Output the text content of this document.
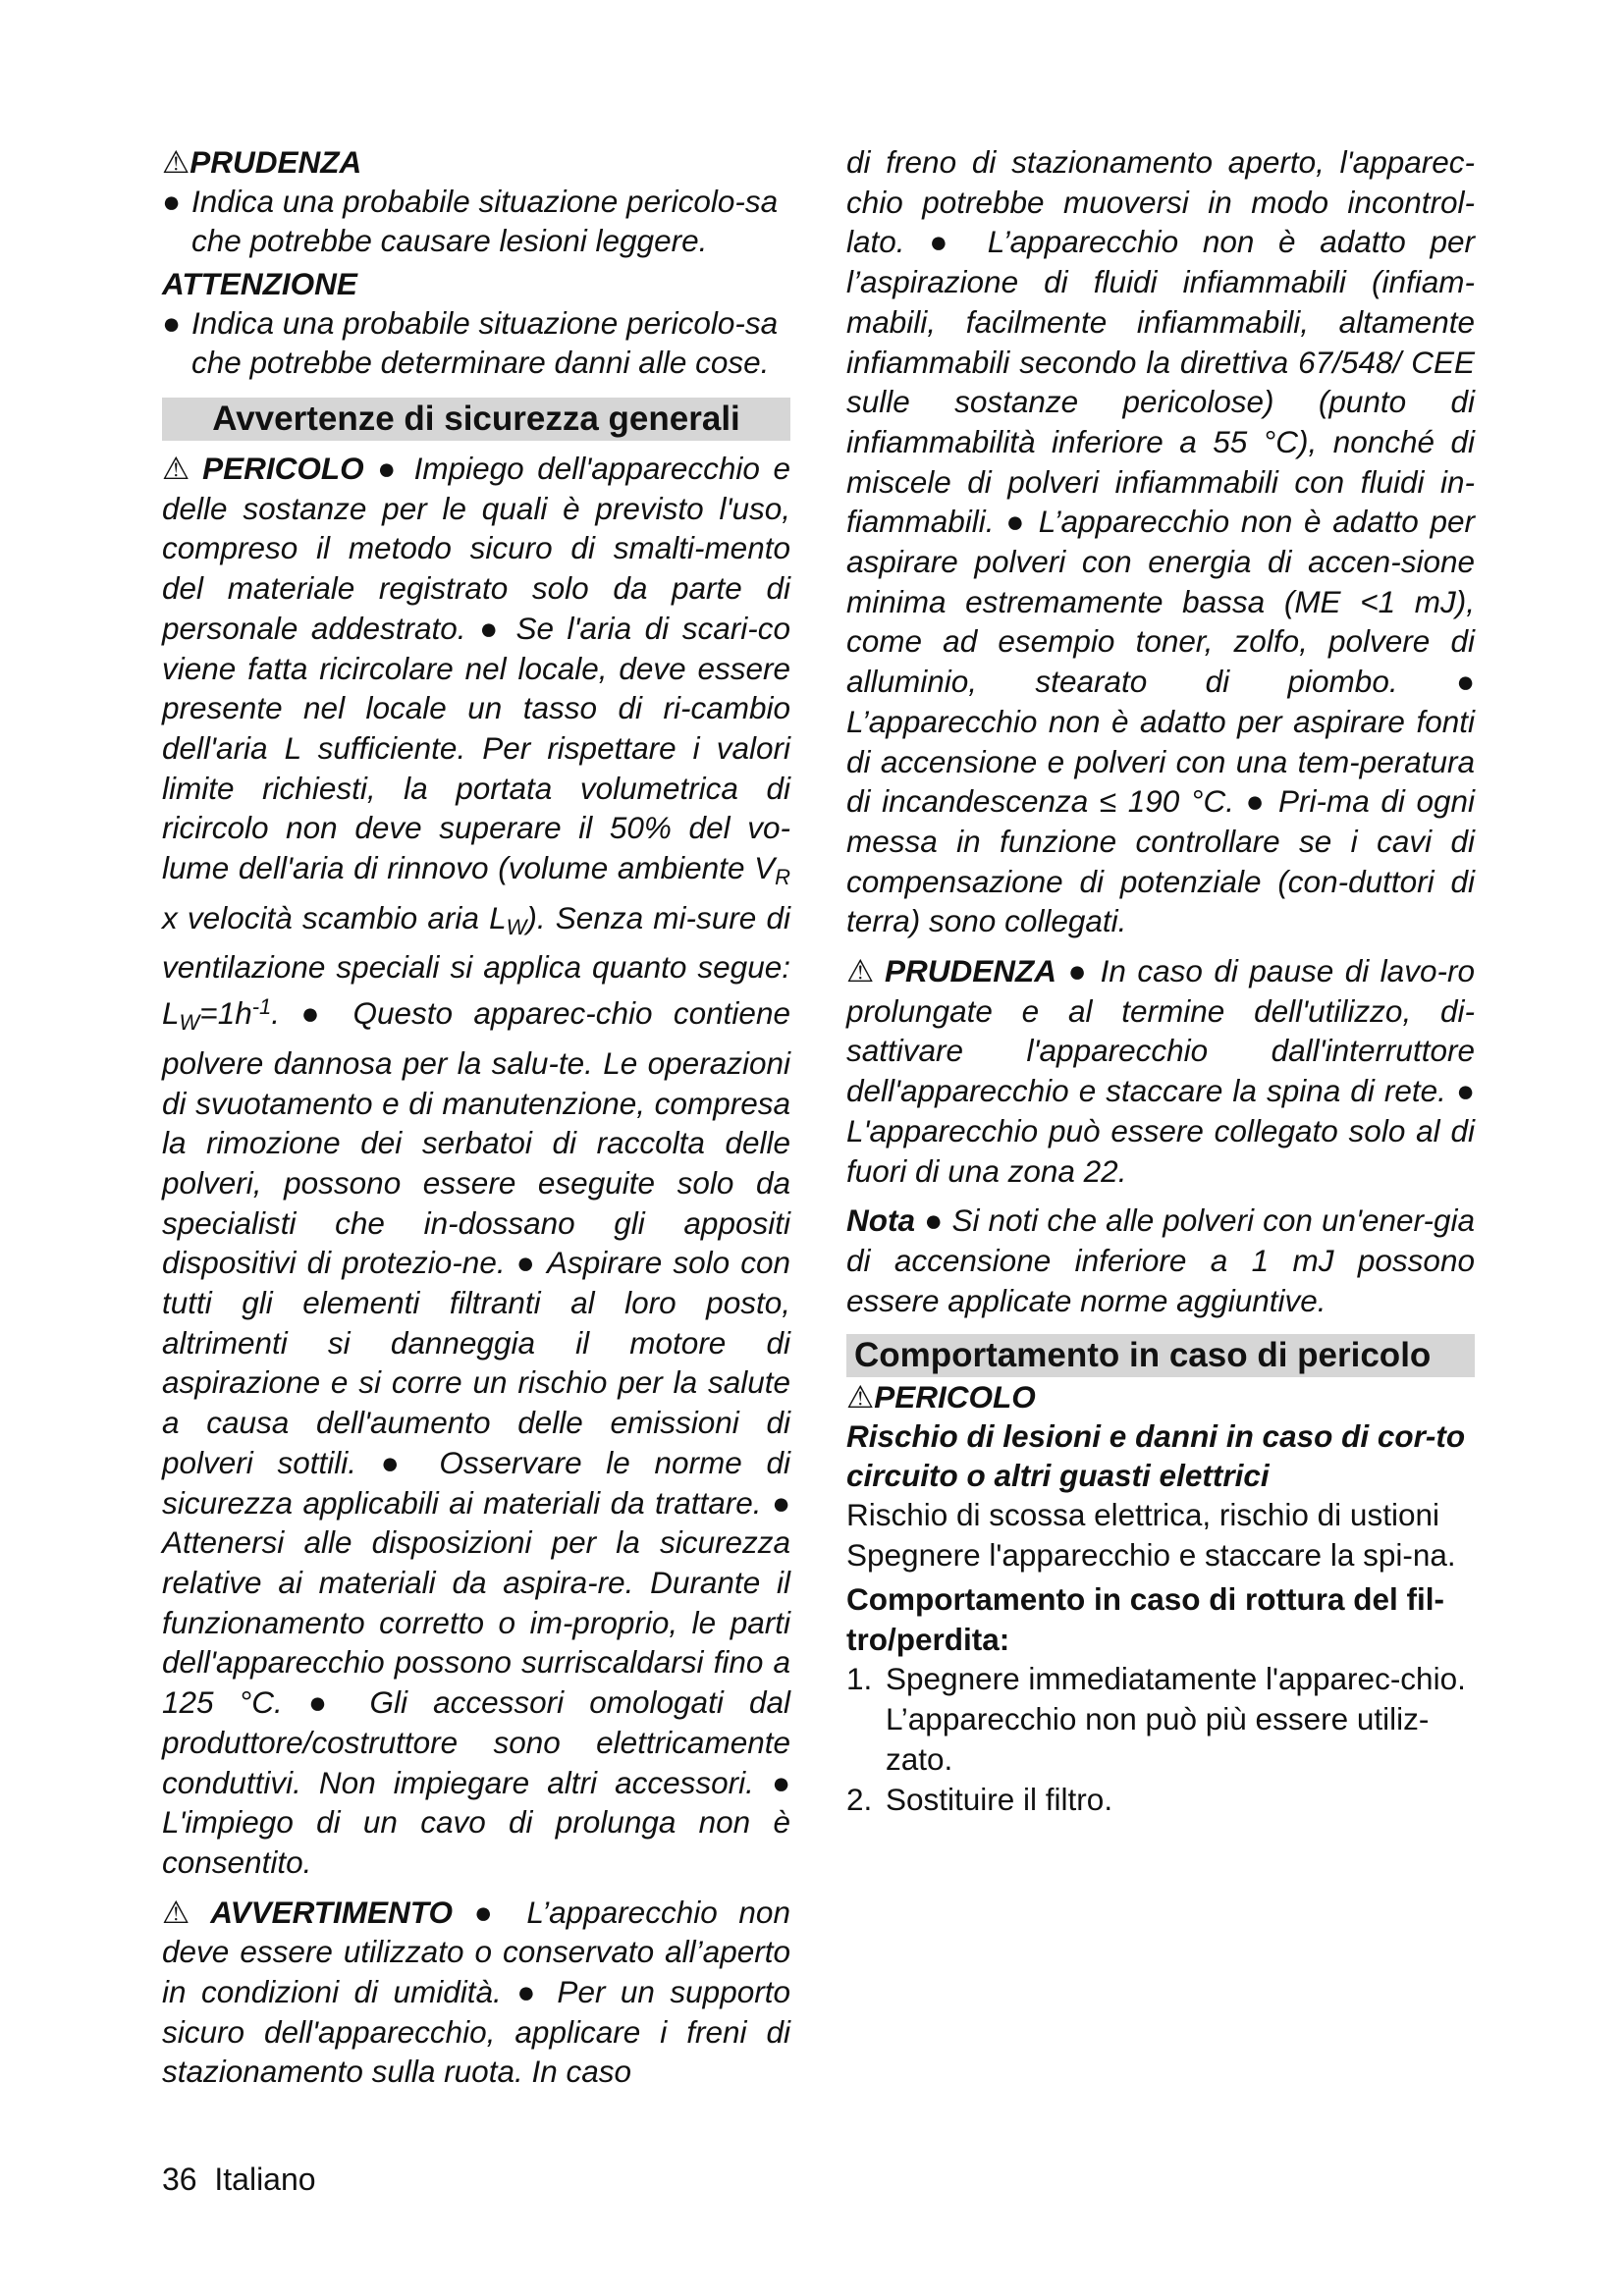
⚠PRUDENZA

● Indica una probabile situazione pericolo-sa che potrebbe causare lesioni leggere.

ATTENZIONE

● Indica una probabile situazione pericolo-sa che potrebbe determinare danni alle cose.

Avvertenze di sicurezza generali

⚠ PERICOLO ● Impiego dell'apparecchio e delle sostanze per le quali è previsto l'uso, compreso il metodo sicuro di smalti-mento del materiale registrato solo da parte di personale addestrato. ● Se l'aria di scari-co viene fatta ricircolare nel locale, deve essere presente nel locale un tasso di ri-cambio dell'aria L sufficiente. Per rispettare i valori limite richiesti, la portata volumetrica di ricircolo non deve superare il 50% del vo-lume dell'aria di rinnovo (volume ambiente $V_R$ x velocità scambio aria $L_W$). Senza mi-sure di ventilazione speciali si applica quanto segue: $L_W=1h^{-1}$. ● Questo apparec-chio contiene polvere dannosa per la salu-te. Le operazioni di svuotamento e di manutenzione, compresa la rimozione dei serbatoi di raccolta delle polveri, possono essere eseguite solo da specialisti che in-dossano gli appositi dispositivi di protezio-ne. ● Aspirare solo con tutti gli elementi filtranti al loro posto, altrimenti si danneggia il motore di aspirazione e si corre un rischio per la salute a causa dell'aumento delle emissioni di polveri sottili. ● Osservare le norme di sicurezza applicabili ai materiali da trattare. ● Attenersi alle disposizioni per la sicurezza relative ai materiali da aspira-re. Durante il funzionamento corretto o im-proprio, le parti dell'apparecchio possono surriscaldarsi fino a 125 °C. ● Gli accessori omologati dal produttore/costruttore sono elettricamente conduttivi. Non impiegare altri accessori. ● L'impiego di un cavo di prolunga non è consentito.

⚠ AVVERTIMENTO ● L’apparecchio non deve essere utilizzato o conservato all’aperto in condizioni di umidità. ● Per un supporto sicuro dell'apparecchio, applicare i freni di stazionamento sulla ruota. In caso

di freno di stazionamento aperto, l'apparec-chio potrebbe muoversi in modo incontrol-lato. ● L’apparecchio non è adatto per l’aspirazione di fluidi infiammabili (infiam-mabili, facilmente infiammabili, altamente infiammabili secondo la direttiva 67/548/ CEE sulle sostanze pericolose) (punto di infiammabilità inferiore a 55 °C), nonché di miscele di polveri infiammabili con fluidi in-fiammabili. ● L’apparecchio non è adatto per aspirare polveri con energia di accen-sione minima estremamente bassa (ME <1 mJ), come ad esempio toner, zolfo, polvere di alluminio, stearato di piombo. ● L’apparecchio non è adatto per aspirare fonti di accensione e polveri con una tem-peratura di incandescenza ≤ 190 °C. ● Pri-ma di ogni messa in funzione controllare se i cavi di compensazione di potenziale (con-duttori di terra) sono collegati.

⚠ PRUDENZA ● In caso di pause di lavo-ro prolungate e al termine dell'utilizzo, di-sattivare l'apparecchio dall'interruttore dell'apparecchio e staccare la spina di rete. ● L'apparecchio può essere collegato solo al di fuori di una zona 22.

Nota ● Si noti che alle polveri con un'ener-gia di accensione inferiore a 1 mJ possono essere applicate norme aggiuntive.

Comportamento in caso di pericolo

⚠PERICOLO

Rischio di lesioni e danni in caso di cor-to circuito o altri guasti elettrici

Rischio di scossa elettrica, rischio di ustioni

Spegnere l'apparecchio e staccare la spi-na.

Comportamento in caso di rottura del fil-tro/perdita:

1. Spegnere immediatamente l'apparec-chio.

L’apparecchio non può più essere utiliz-zato.

2. Sostituire il filtro.

36 Italiano
